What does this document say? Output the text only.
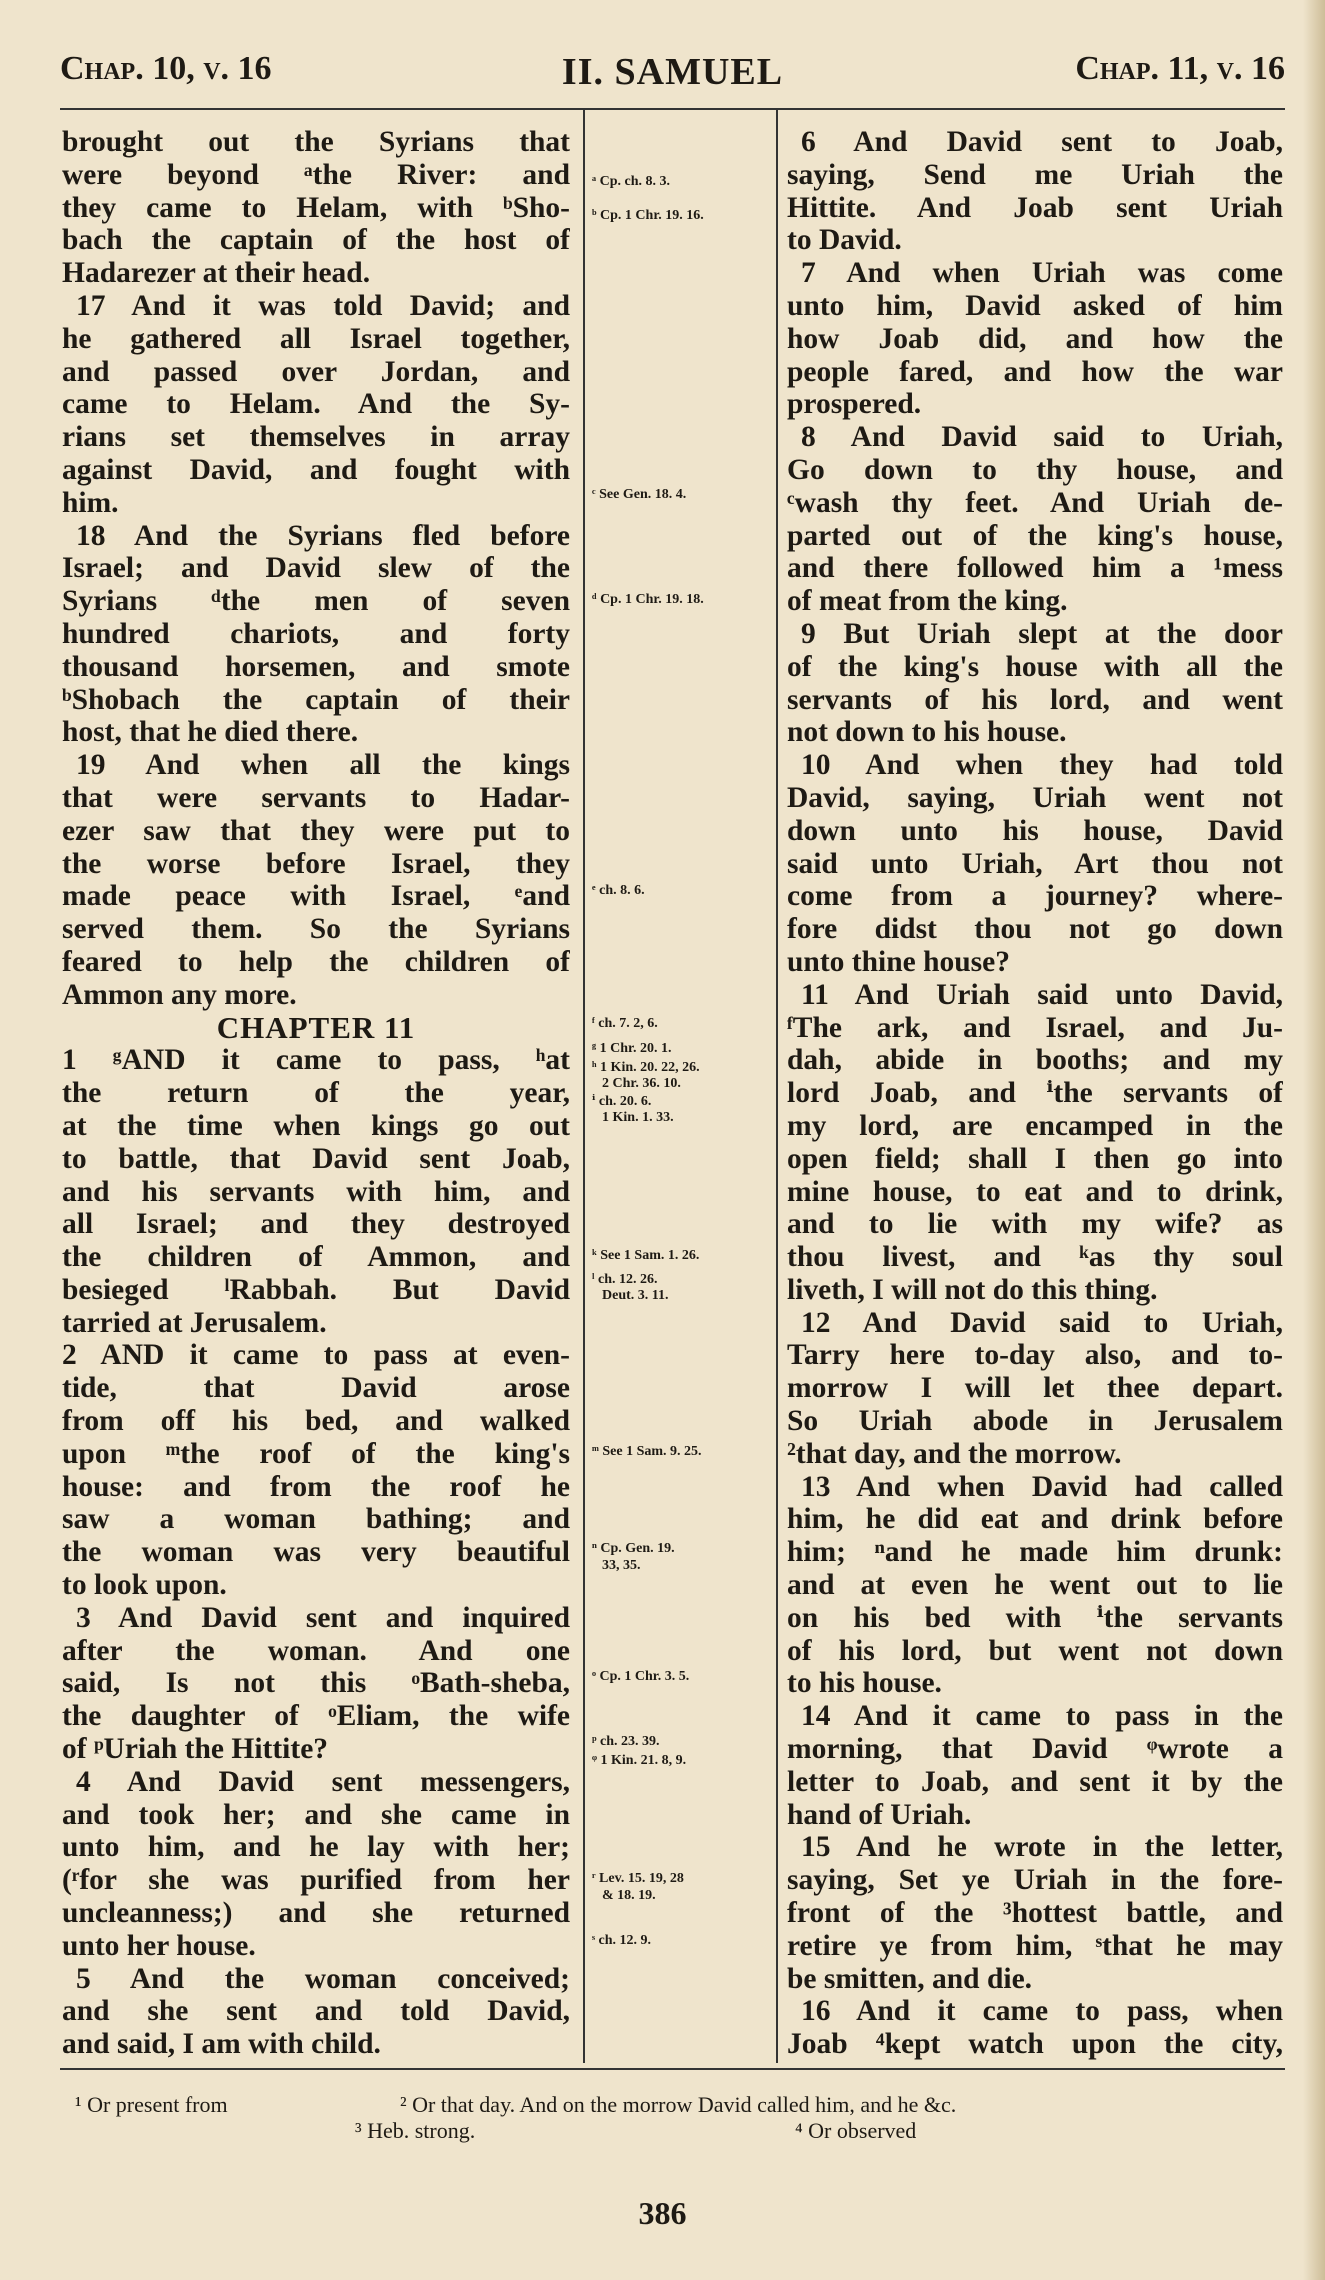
Chap. 10, v. 16	II. SAMUEL	Chap. 11, v. 16
brought out the Syrians that
were beyond ᵃthe River: and
they came to Helam, with ᵇSho-
bach the captain of the host of
Hadarezer at their head.
17 And it was told David; and
he gathered all Israel together,
and passed over Jordan, and
came to Helam. And the Sy-
rians set themselves in array
against David, and fought with
him.
18 And the Syrians fled before
Israel; and David slew of the
Syrians ᵈthe men of seven
hundred chariots, and forty
thousand horsemen, and smote
ᵇShobach the captain of their
host, that he died there.
19 And when all the kings
that were servants to Hadar-
ezer saw that they were put to
the worse before Israel, they
made peace with Israel, ᵉand
served them. So the Syrians
feared to help the children of
Ammon any more.
CHAPTER 11
1 ᵍAND it came to pass, ʰat
the return of the year,
at the time when kings go out
to battle, that David sent Joab,
and his servants with him, and
all Israel; and they destroyed
the children of Ammon, and
besieged ˡRabbah. But David
tarried at Jerusalem.
2 AND it came to pass at even-
tide, that David arose
from off his bed, and walked
upon ᵐthe roof of the king's
house: and from the roof he
saw a woman bathing; and
the woman was very beautiful
to look upon.
3 And David sent and inquired
after the woman. And one
said, Is not this ᵒBath-sheba,
the daughter of ᵒEliam, the wife
of ᵖUriah the Hittite?
4 And David sent messengers,
and took her; and she came in
unto him, and he lay with her;
(ʳfor she was purified from her
uncleanness;) and she returned
unto her house.
5 And the woman conceived;
and she sent and told David,
and said, I am with child.
ᵃ Cp. ch. 8. 3.
ᵇ Cp. 1 Chr. 19. 16.
ᶜ See Gen. 18. 4.
ᵈ Cp. 1 Chr. 19. 18.
ᵉ ch. 8. 6.
ᶠ ch. 7. 2, 6.
ᵍ 1 Chr. 20. 1.
ʰ 1 Kin. 20. 22, 26.
2 Chr. 36. 10.
ⁱ ch. 20. 6.
1 Kin. 1. 33.
ᵏ See 1 Sam. 1. 26.
ˡ ch. 12. 26.
Deut. 3. 11.
ᵐ See 1 Sam. 9. 25.
ⁿ Cp. Gen. 19.
33, 35.
ᵒ Cp. 1 Chr. 3. 5.
ᵖ ch. 23. 39.
ᵠ 1 Kin. 21. 8, 9.
ʳ Lev. 15. 19, 28
& 18. 19.
ˢ ch. 12. 9.
6 And David sent to Joab,
saying, Send me Uriah the
Hittite. And Joab sent Uriah
to David.
7 And when Uriah was come
unto him, David asked of him
how Joab did, and how the
people fared, and how the war
prospered.
8 And David said to Uriah,
Go down to thy house, and
ᶜwash thy feet. And Uriah de-
parted out of the king's house,
and there followed him a ¹mess
of meat from the king.
9 But Uriah slept at the door
of the king's house with all the
servants of his lord, and went
not down to his house.
10 And when they had told
David, saying, Uriah went not
down unto his house, David
said unto Uriah, Art thou not
come from a journey? where-
fore didst thou not go down
unto thine house?
11 And Uriah said unto David,
ᶠThe ark, and Israel, and Ju-
dah, abide in booths; and my
lord Joab, and ⁱthe servants of
my lord, are encamped in the
open field; shall I then go into
mine house, to eat and to drink,
and to lie with my wife? as
thou livest, and ᵏas thy soul
liveth, I will not do this thing.
12 And David said to Uriah,
Tarry here to-day also, and to-
morrow I will let thee depart.
So Uriah abode in Jerusalem
²that day, and the morrow.
13 And when David had called
him, he did eat and drink before
him; ⁿand he made him drunk:
and at even he went out to lie
on his bed with ⁱthe servants
of his lord, but went not down
to his house.
14 And it came to pass in the
morning, that David ᵠwrote a
letter to Joab, and sent it by the
hand of Uriah.
15 And he wrote in the letter,
saying, Set ye Uriah in the fore-
front of the ³hottest battle, and
retire ye from him, ˢthat he may
be smitten, and die.
16 And it came to pass, when
Joab ⁴kept watch upon the city,
¹ Or present from	² Or that day. And on the morrow David called him, and he &c.
³ Heb. strong.	⁴ Or observed
386
